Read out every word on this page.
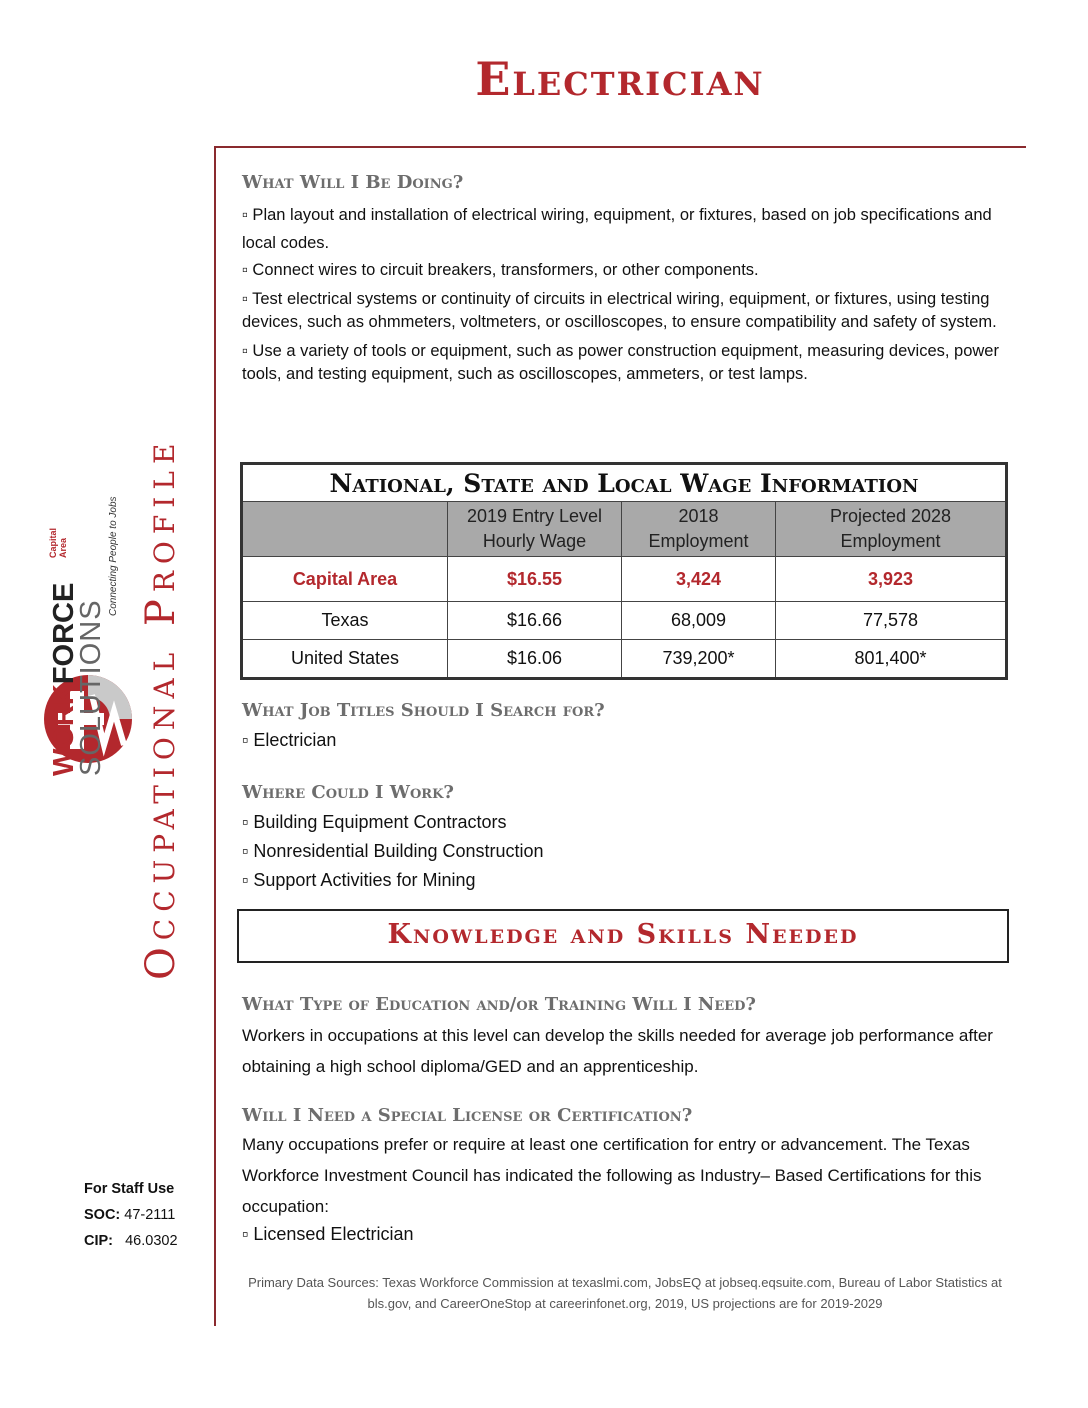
Electrician
Occupational Profile
WORKFORCE
SOLUTIONS
Capital Area	Connecting People to Jobs
What Will I Be Doing?
▫ Plan layout and installation of electrical wiring, equipment, or fixtures, based on job specifications and local codes.
▫ Connect wires to circuit breakers, transformers, or other components.
▫ Test electrical systems or continuity of circuits in electrical wiring, equipment, or fixtures, using testing devices, such as ohmmeters, voltmeters, or oscilloscopes, to ensure compatibility and safety of system.
▫ Use a variety of tools or equipment, such as power construction equipment, measuring devices, power tools, and testing equipment, such as oscilloscopes, ammeters, or test lamps.
National, State and Local Wage Information			
	2019 Entry Level Hourly Wage	2018 Employment	Projected 2028 Employment
Capital Area	$16.55	3,424	3,923
Texas	$16.66	68,009	77,578
United States	$16.06	739,200*	801,400*
What Job Titles Should I Search for?
▫ Electrician
Where Could I Work?
▫ Building Equipment Contractors
▫ Nonresidential Building Construction
▫ Support Activities for Mining
Knowledge and Skills Needed
What Type of Education and/or Training Will I Need?
Workers in occupations at this level can develop the skills needed for average job performance after obtaining a high school diploma/GED and an apprenticeship.
Will I Need a Special License or Certification?
Many occupations prefer or require at least one certification for entry or advancement. The Texas Workforce Investment Council has indicated the following as Industry– Based Certifications for this occupation:
▫ Licensed Electrician
For Staff Use
SOC: 47-2111
CIP: 46.0302
Primary Data Sources: Texas Workforce Commission at texaslmi.com, JobsEQ at jobseq.eqsuite.com, Bureau of Labor Statistics at bls.gov, and CareerOneStop at careerinfonet.org, 2019, US projections are for 2019-2029
